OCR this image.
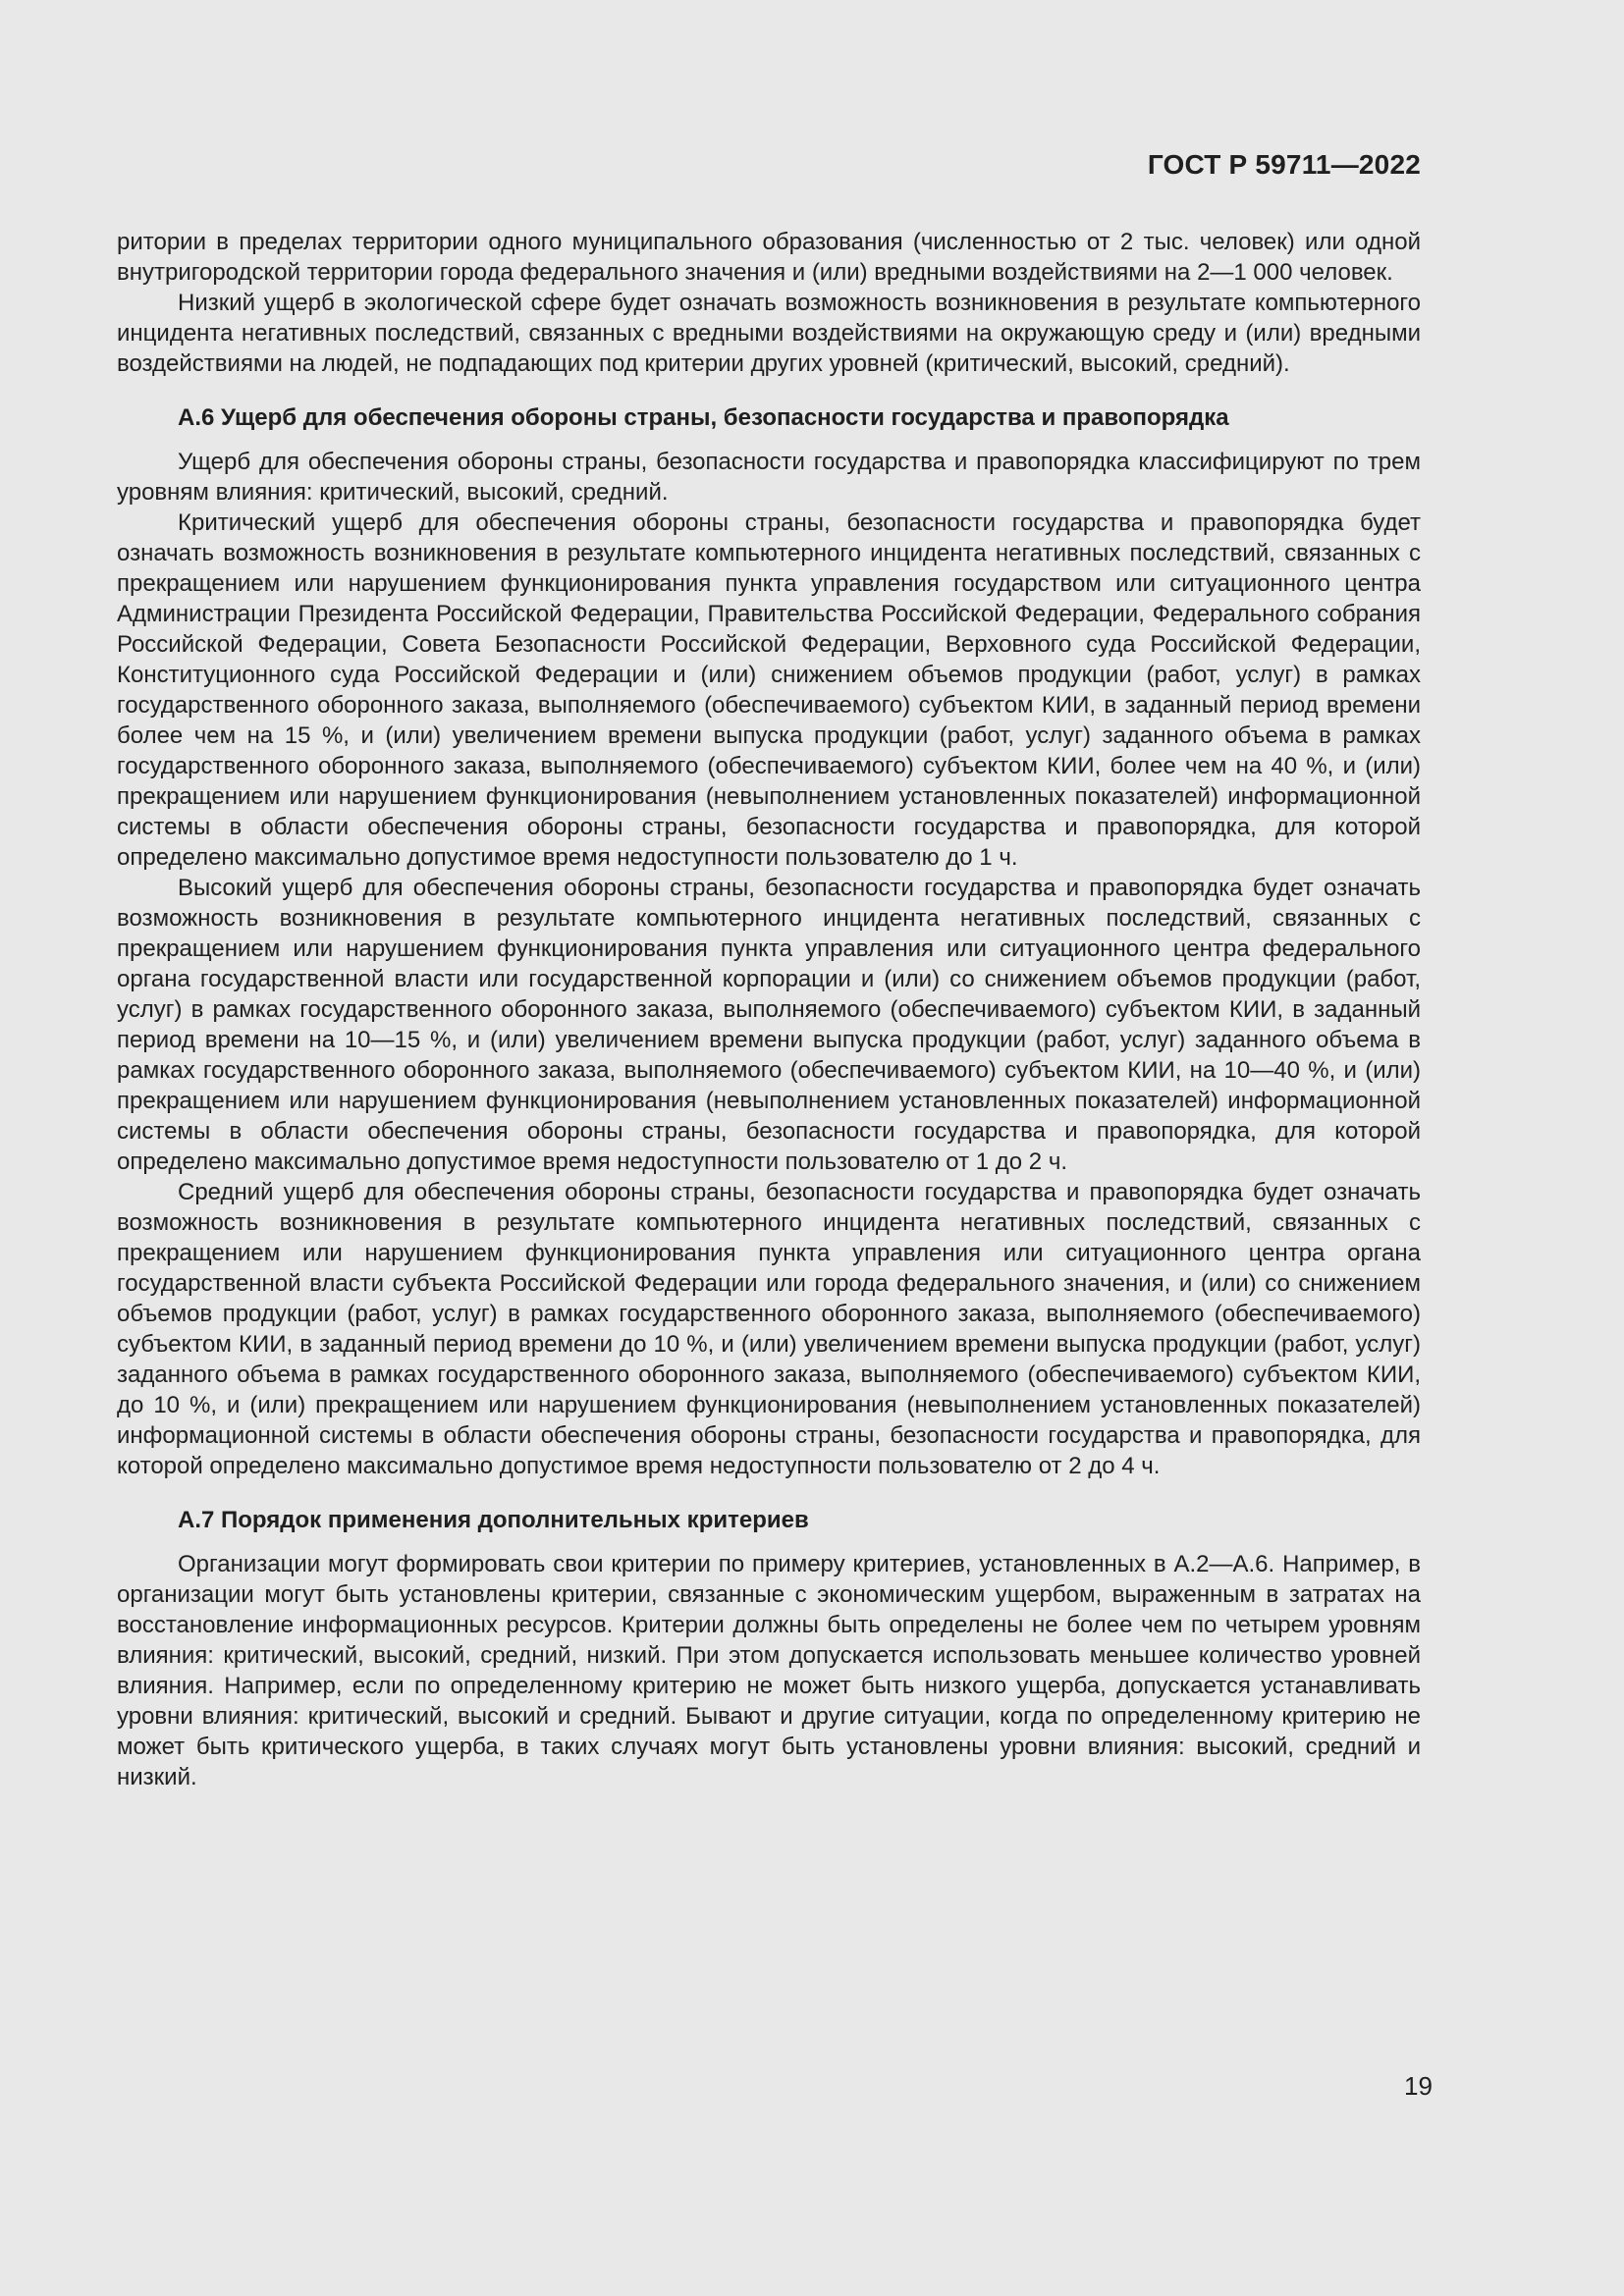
ГОСТ Р 59711—2022

ритории в пределах территории одного муниципального образования (численностью от 2 тыс. человек) или одной внутригородской территории города федерального значения и (или) вредными воздействиями на 2—1 000 человек.

Низкий ущерб в экологической сфере будет означать возможность возникновения в результате компьютерного инцидента негативных последствий, связанных с вредными воздействиями на окружающую среду и (или) вредными воздействиями на людей, не подпадающих под критерии других уровней (критический, высокий, средний).

А.6 Ущерб для обеспечения обороны страны, безопасности государства и правопорядка

Ущерб для обеспечения обороны страны, безопасности государства и правопорядка классифицируют по трем уровням влияния: критический, высокий, средний.

Критический ущерб для обеспечения обороны страны, безопасности государства и правопорядка будет означать возможность возникновения в результате компьютерного инцидента негативных последствий, связанных с прекращением или нарушением функционирования пункта управления государством или ситуационного центра Администрации Президента Российской Федерации, Правительства Российской Федерации, Федерального собрания Российской Федерации, Совета Безопасности Российской Федерации, Верховного суда Российской Федерации, Конституционного суда Российской Федерации и (или) снижением объемов продукции (работ, услуг) в рамках государственного оборонного заказа, выполняемого (обеспечиваемого) субъектом КИИ, в заданный период времени более чем на 15 %, и (или) увеличением времени выпуска продукции (работ, услуг) заданного объема в рамках государственного оборонного заказа, выполняемого (обеспечиваемого) субъектом КИИ, более чем на 40 %, и (или) прекращением или нарушением функционирования (невыполнением установленных показателей) информационной системы в области обеспечения обороны страны, безопасности государства и правопорядка, для которой определено максимально допустимое время недоступности пользователю до 1 ч.

Высокий ущерб для обеспечения обороны страны, безопасности государства и правопорядка будет означать возможность возникновения в результате компьютерного инцидента негативных последствий, связанных с прекращением или нарушением функционирования пункта управления или ситуационного центра федерального органа государственной власти или государственной корпорации и (или) со снижением объемов продукции (работ, услуг) в рамках государственного оборонного заказа, выполняемого (обеспечиваемого) субъектом КИИ, в заданный период времени на 10—15 %, и (или) увеличением времени выпуска продукции (работ, услуг) заданного объема в рамках государственного оборонного заказа, выполняемого (обеспечиваемого) субъектом КИИ, на 10—40 %, и (или) прекращением или нарушением функционирования (невыполнением установленных показателей) информационной системы в области обеспечения обороны страны, безопасности государства и правопорядка, для которой определено максимально допустимое время недоступности пользователю от 1 до 2 ч.

Средний ущерб для обеспечения обороны страны, безопасности государства и правопорядка будет означать возможность возникновения в результате компьютерного инцидента негативных последствий, связанных с прекращением или нарушением функционирования пункта управления или ситуационного центра органа государственной власти субъекта Российской Федерации или города федерального значения, и (или) со снижением объемов продукции (работ, услуг) в рамках государственного оборонного заказа, выполняемого (обеспечиваемого) субъектом КИИ, в заданный период времени до 10 %, и (или) увеличением времени выпуска продукции (работ, услуг) заданного объема в рамках государственного оборонного заказа, выполняемого (обеспечиваемого) субъектом КИИ, до 10 %, и (или) прекращением или нарушением функционирования (невыполнением установленных показателей) информационной системы в области обеспечения обороны страны, безопасности государства и правопорядка, для которой определено максимально допустимое время недоступности пользователю от 2 до 4 ч.

А.7 Порядок применения дополнительных критериев

Организации могут формировать свои критерии по примеру критериев, установленных в А.2—А.6. Например, в организации могут быть установлены критерии, связанные с экономическим ущербом, выраженным в затратах на восстановление информационных ресурсов. Критерии должны быть определены не более чем по четырем уровням влияния: критический, высокий, средний, низкий. При этом допускается использовать меньшее количество уровней влияния. Например, если по определенному критерию не может быть низкого ущерба, допускается устанавливать уровни влияния: критический, высокий и средний. Бывают и другие ситуации, когда по определенному критерию не может быть критического ущерба, в таких случаях могут быть установлены уровни влияния: высокий, средний и низкий.

19
